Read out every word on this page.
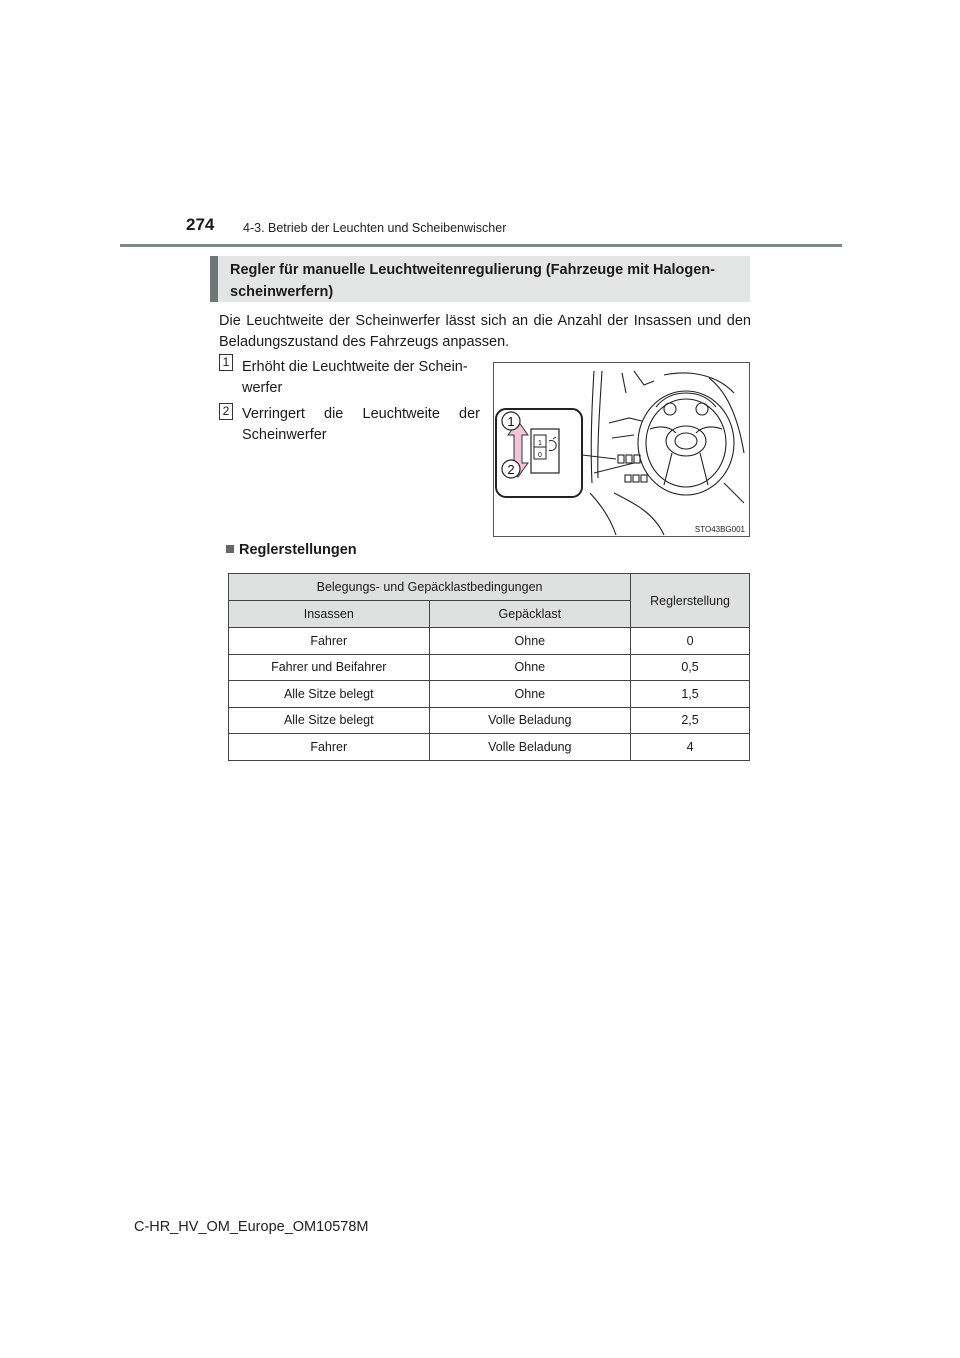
274 4-3. Betrieb der Leuchten und Scheibenwischer
Regler für manuelle Leuchtweitenregulierung (Fahrzeuge mit Halogen-
scheinwerfern)
Die Leuchtweite der Scheinwerfer lässt sich an die Anzahl der Insassen und den Beladungszustand des Fahrzeugs anpassen.
1 Erhöht die Leuchtweite der Schein-
werfer
2 Verringert die Leuchtweite der
Scheinwerfer
1
0
1
2
STO43BG001
Reglerstellungen
Belegungs- und Gepäcklastbedingungen		Reglerstellung
Insassen	Gepäcklast	
Fahrer	Ohne	0
Fahrer und Beifahrer	Ohne	0,5
Alle Sitze belegt	Ohne	1,5
Alle Sitze belegt	Volle Beladung	2,5
Fahrer	Volle Beladung	4
C-HR_HV_OM_Europe_OM10578M
